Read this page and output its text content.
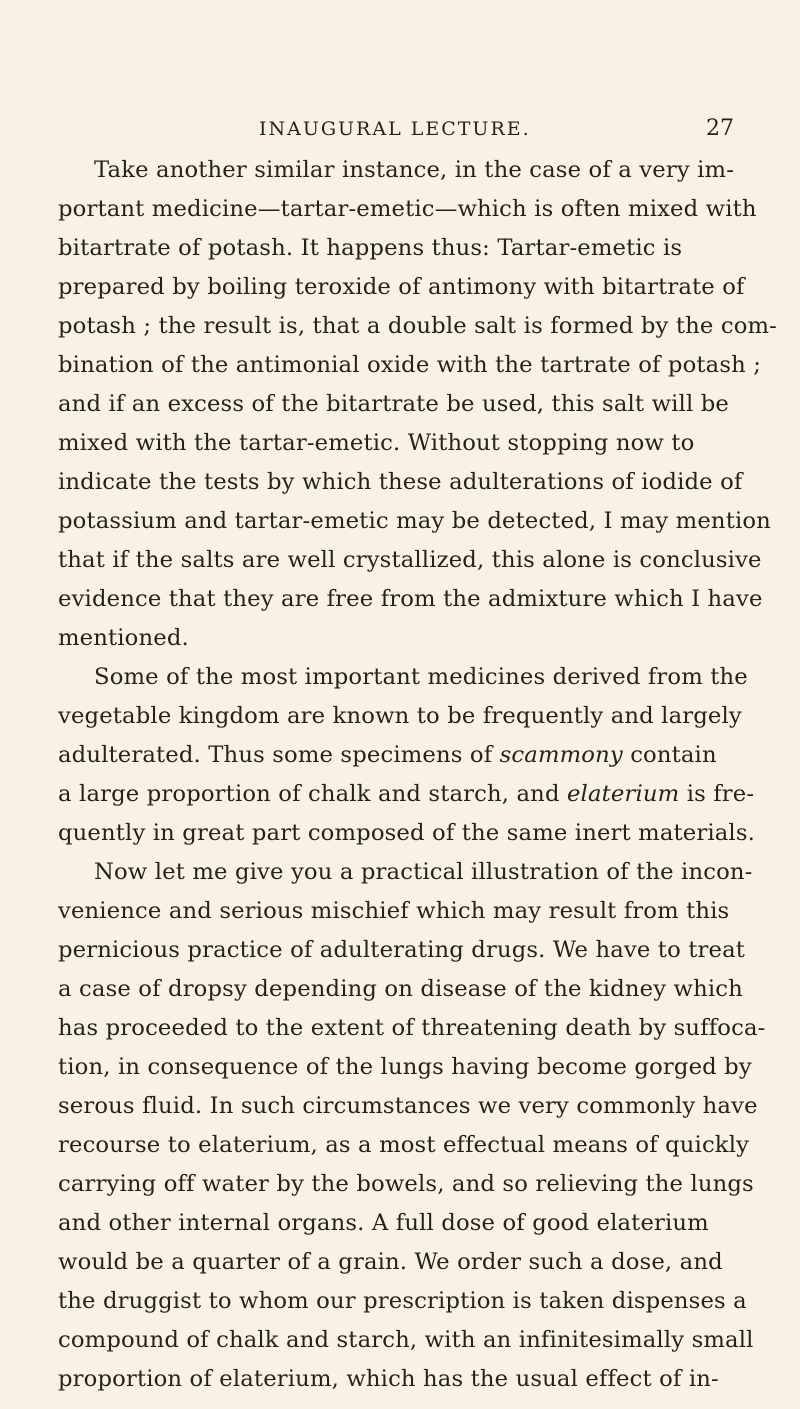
INAUGURAL LECTURE.	27
Take another similar instance, in the case of a very im-
portant medicine—tartar-emetic—which is often mixed with
bitartrate of potash. It happens thus: Tartar-emetic is
prepared by boiling teroxide of antimony with bitartrate of
potash ; the result is, that a double salt is formed by the com-
bination of the antimonial oxide with the tartrate of potash ;
and if an excess of the bitartrate be used, this salt will be
mixed with the tartar-emetic. Without stopping now to
indicate the tests by which these adulterations of iodide of
potassium and tartar-emetic may be detected, I may mention
that if the salts are well crystallized, this alone is conclusive
evidence that they are free from the admixture which I have
mentioned.
Some of the most important medicines derived from the
vegetable kingdom are known to be frequently and largely
adulterated. Thus some specimens of scammony contain
a large proportion of chalk and starch, and elaterium is fre-
quently in great part composed of the same inert materials.
Now let me give you a practical illustration of the incon-
venience and serious mischief which may result from this
pernicious practice of adulterating drugs. We have to treat
a case of dropsy depending on disease of the kidney which
has proceeded to the extent of threatening death by suffoca-
tion, in consequence of the lungs having become gorged by
serous fluid. In such circumstances we very commonly have
recourse to elaterium, as a most effectual means of quickly
carrying off water by the bowels, and so relieving the lungs
and other internal organs. A full dose of good elaterium
would be a quarter of a grain. We order such a dose, and
the druggist to whom our prescription is taken dispenses a
compound of chalk and starch, with an infinitesimally small
proportion of elaterium, which has the usual effect of in-
